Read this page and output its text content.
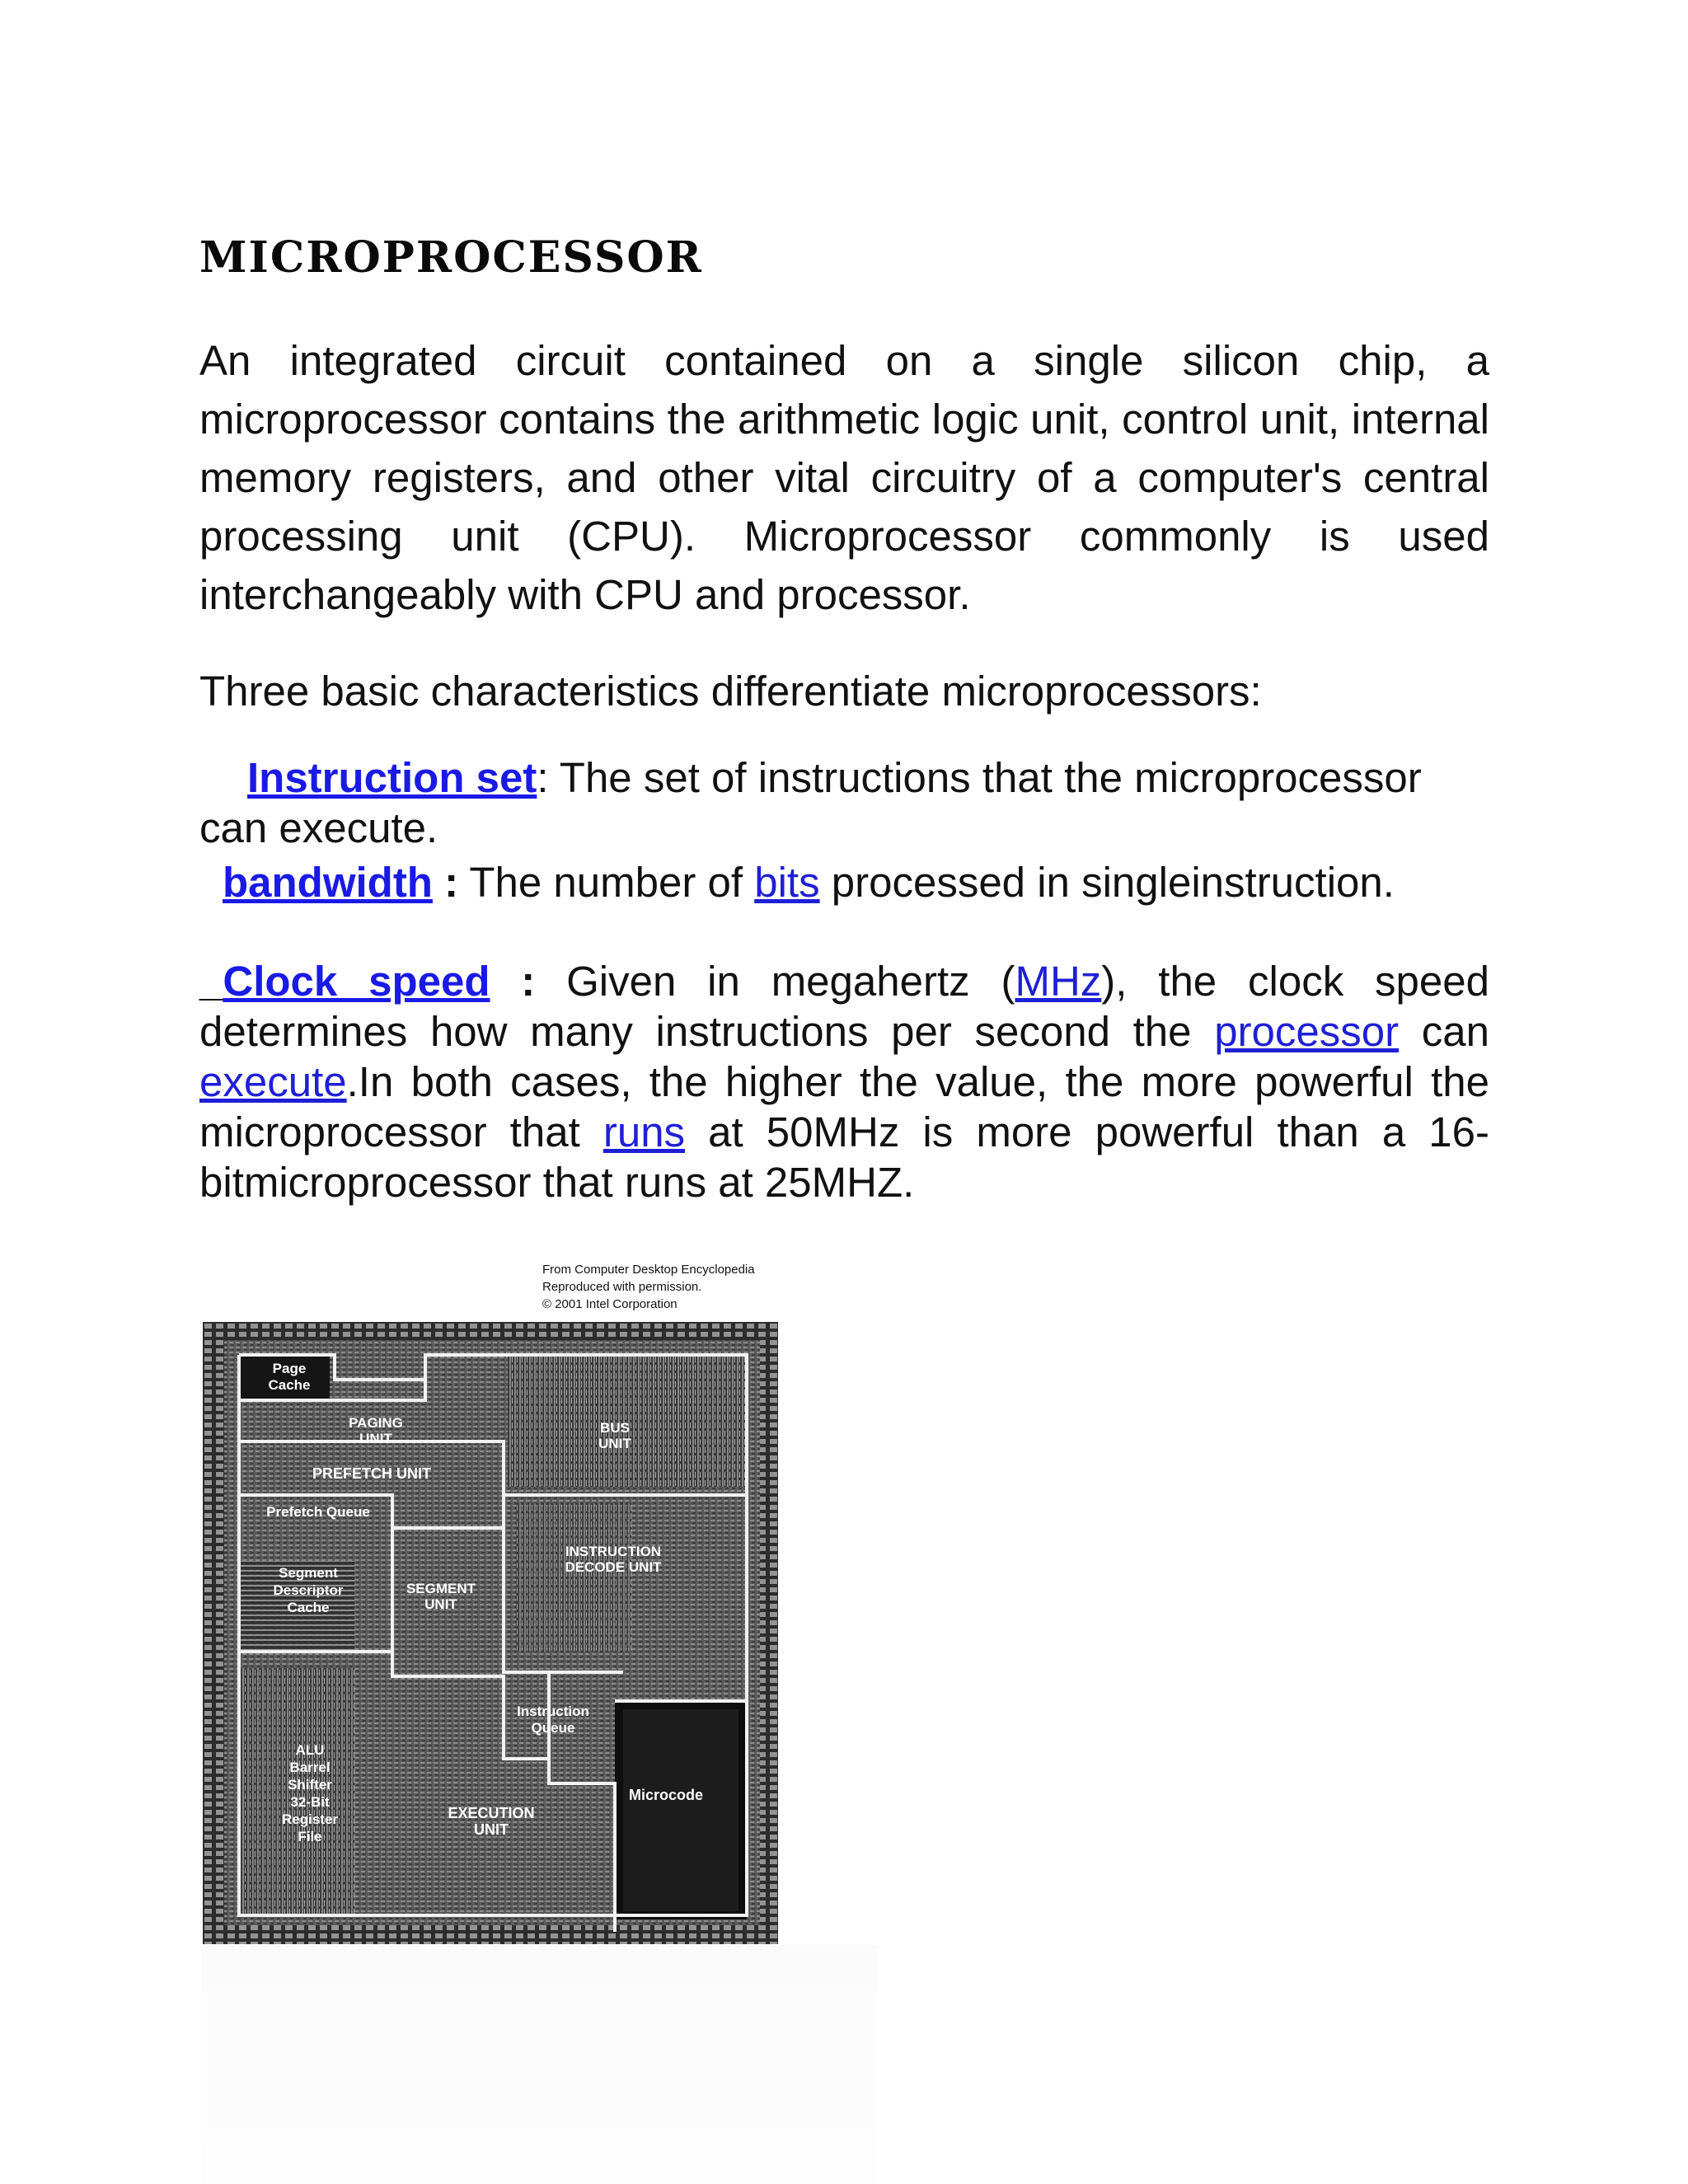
microprocessor

An integrated circuit contained on a single silicon chip, a microprocessor contains the arithmetic logic unit, control unit, internal memory registers, and other vital circuitry of a computer's central processing unit (CPU). Microprocessor commonly is used interchangeably with CPU and processor.

Three basic characteristics differentiate microprocessors:

Instruction set: The set of instructions that the microprocessor can execute.

bandwidth : The number of bits processed in singleinstruction.

_Clock speed : Given in megahertz (MHz), the clock speed determines how many instructions per second the processor can execute.In both cases, the higher the value, the more powerful the microprocessor that runs at 50MHz is more powerful than a 16-bitmicroprocessor that runs at 25MHZ.

From Computer Desktop Encyclopedia
Reproduced with permission.
© 2001 Intel Corporation
Page
Cache
PAGING
UNIT
BUS
UNIT
PREFETCH UNIT
Prefetch Queue
Segment
Descriptor
Cache
SEGMENT
UNIT
INSTRUCTION
DECODE UNIT
Instruction
Queue
ALU
Barrel
Shifter
32-Bit
Register
File
EXECUTION
UNIT
Microcode
